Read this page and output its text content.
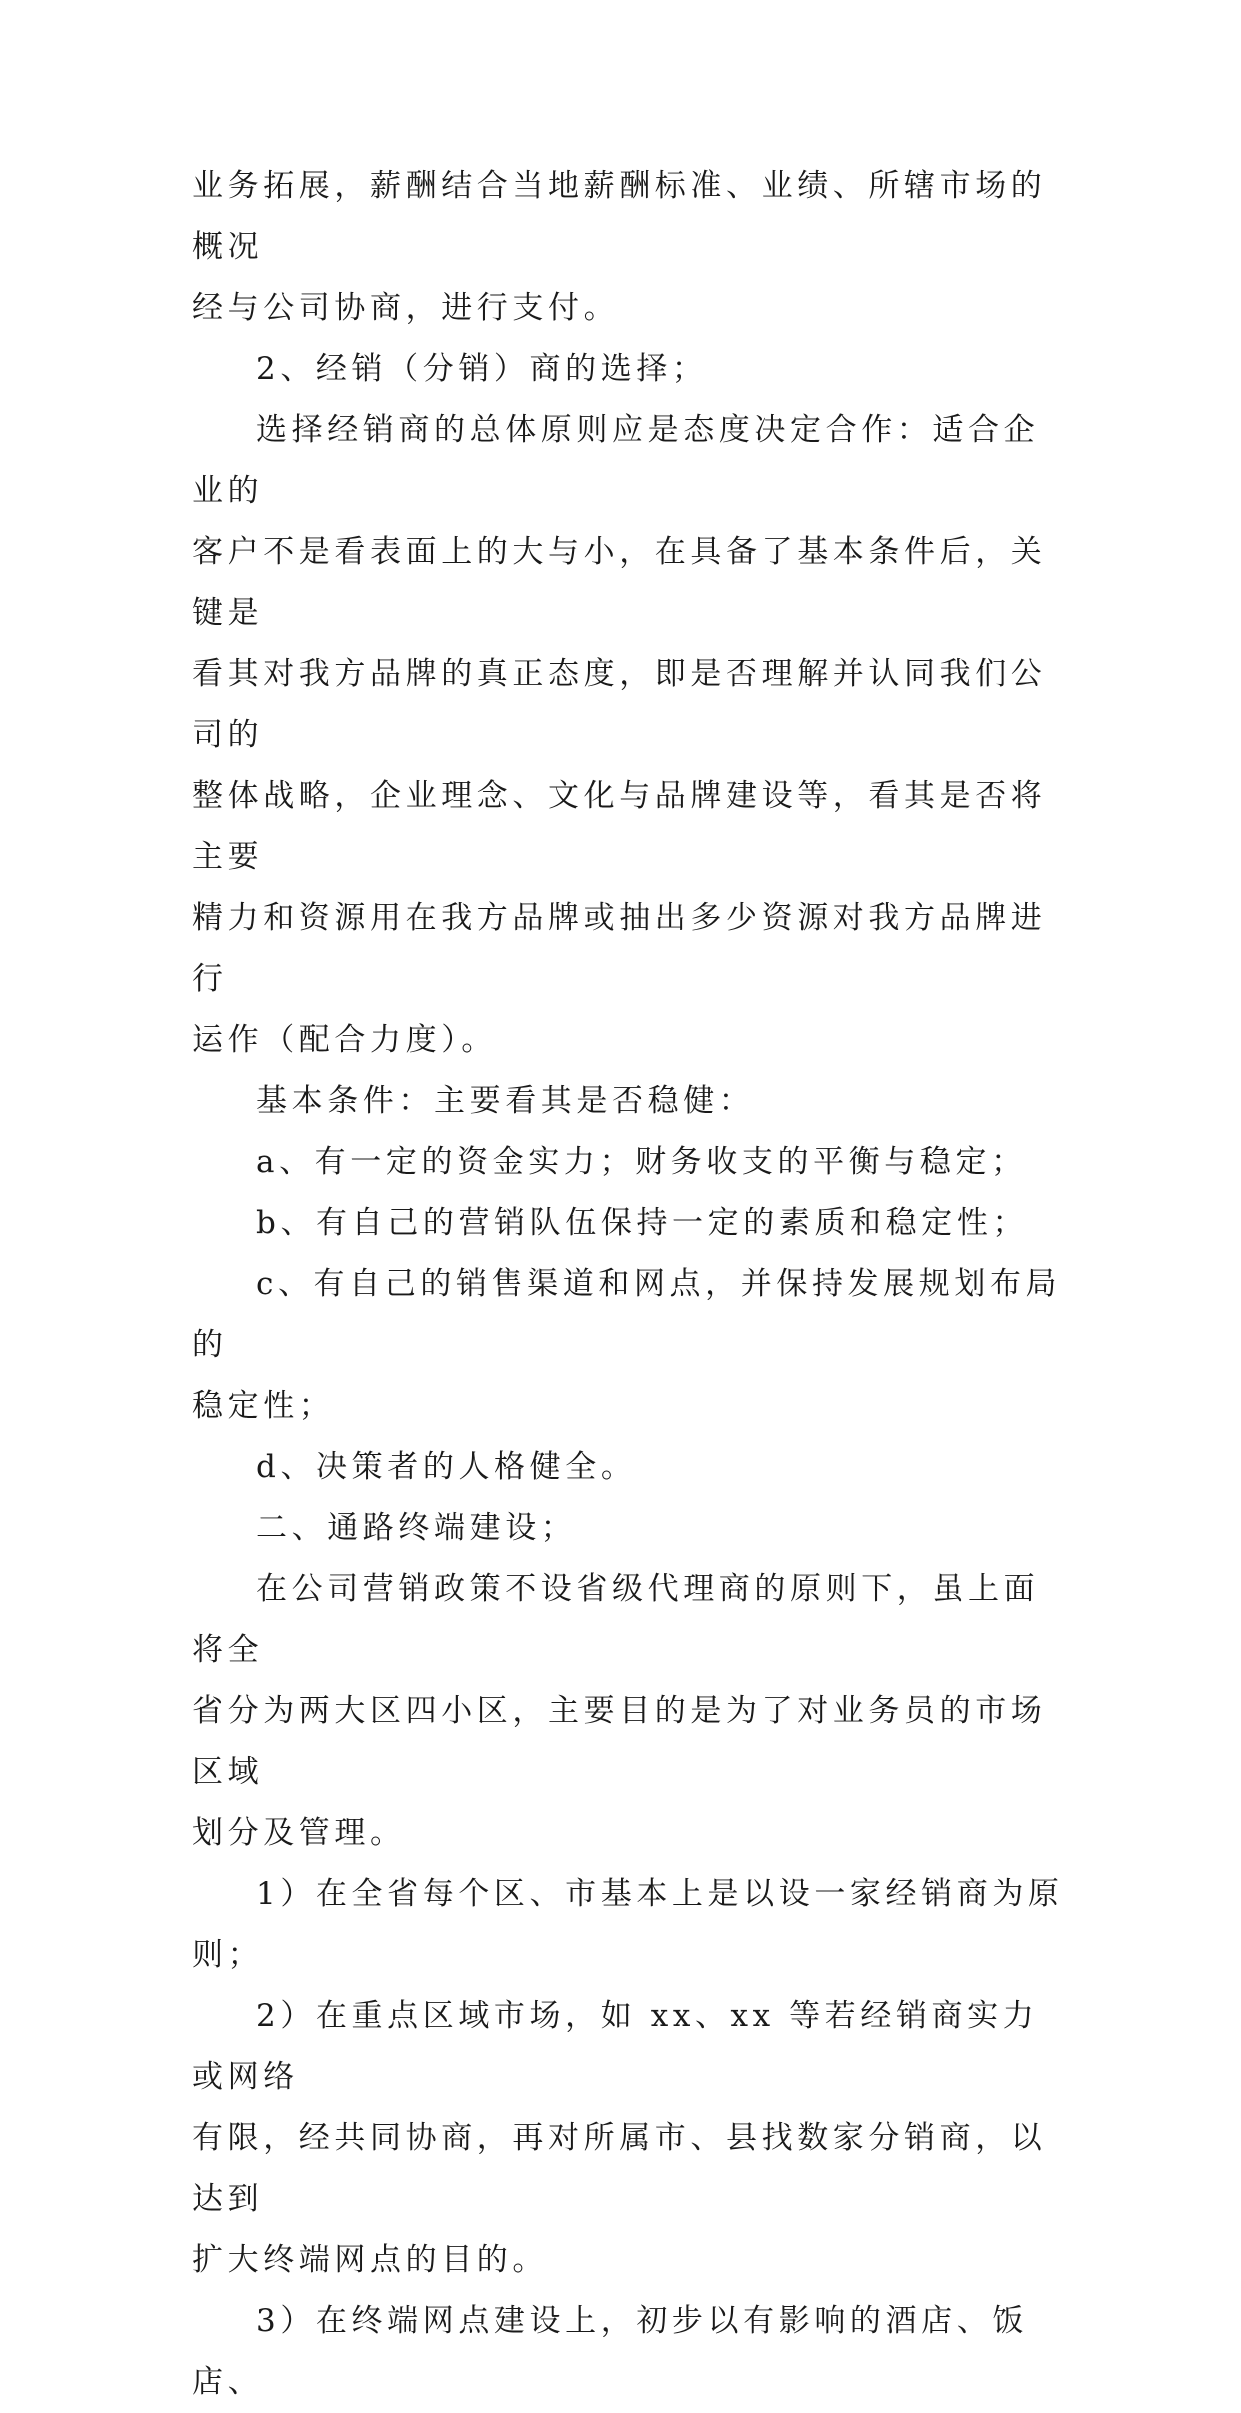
业务拓展，薪酬结合当地薪酬标准、业绩、所辖市场的概况

经与公司协商，进行支付。

2、经销（分销）商的选择；

选择经销商的总体原则应是态度决定合作：适合企业的

客户不是看表面上的大与小，在具备了基本条件后，关键是

看其对我方品牌的真正态度，即是否理解并认同我们公司的

整体战略，企业理念、文化与品牌建设等，看其是否将主要

精力和资源用在我方品牌或抽出多少资源对我方品牌进行

运作（配合力度）。

基本条件：主要看其是否稳健：

a、有一定的资金实力；财务收支的平衡与稳定；

b、有自己的营销队伍保持一定的素质和稳定性；

c、有自己的销售渠道和网点，并保持发展规划布局的

稳定性；

d、决策者的人格健全。

二、通路终端建设；

在公司营销政策不设省级代理商的原则下，虽上面将全

省分为两大区四小区，主要目的是为了对业务员的市场区域

划分及管理。

1）在全省每个区、市基本上是以设一家经销商为原则；

2）在重点区域市场，如 xx、xx 等若经销商实力或网络

有限，经共同协商，再对所属市、县找数家分销商，以达到

扩大终端网点的目的。

3）在终端网点建设上，初步以有影响的酒店、饭店、
